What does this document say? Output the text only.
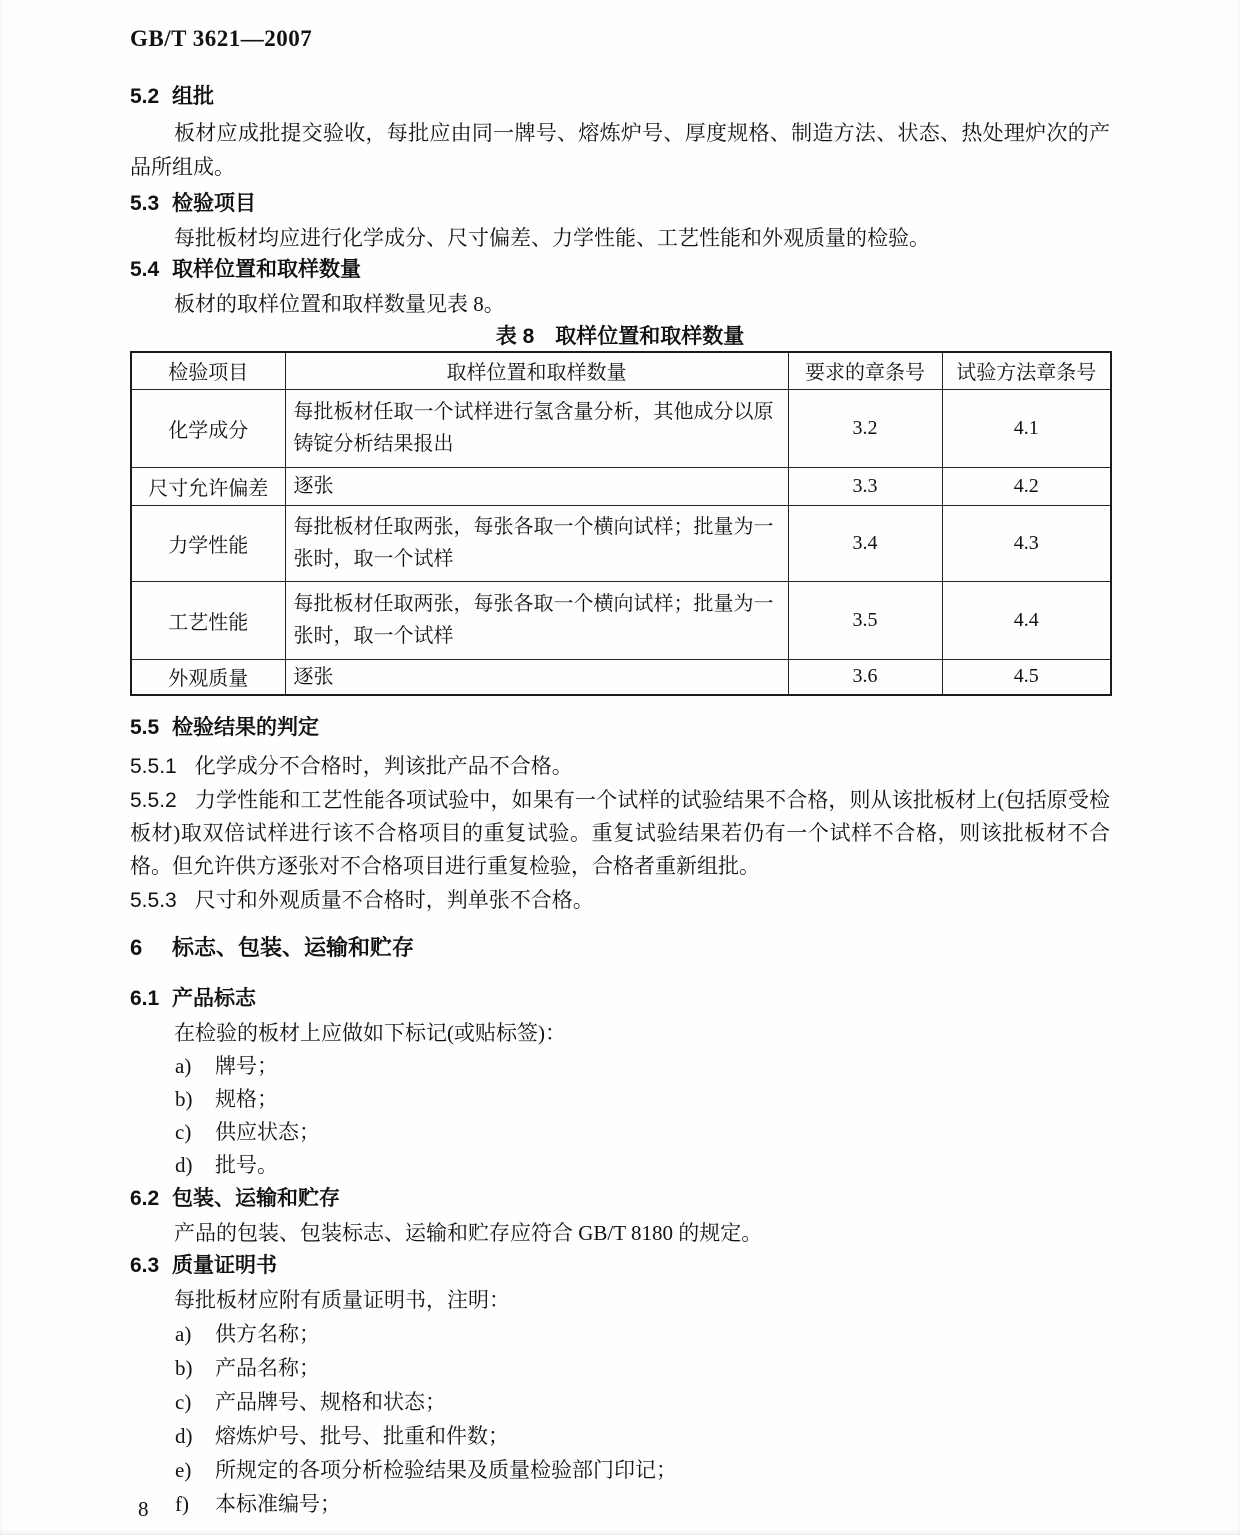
GB/T 3621—2007
5.2 组批

板材应成批提交验收，每批应由同一牌号、熔炼炉号、厚度规格、制造方法、状态、热处理炉次的产品所组成。

5.3 检验项目

每批板材均应进行化学成分、尺寸偏差、力学性能、工艺性能和外观质量的检验。

5.4 取样位置和取样数量

板材的取样位置和取样数量见表 8。

表 8　取样位置和取样数量
检验项目	取样位置和取样数量	要求的章条号	试验方法章条号
化学成分	每批板材任取一个试样进行氢含量分析，其他成分以原铸锭分析结果报出	3.2	4.1
尺寸允许偏差	逐张	3.3	4.2
力学性能	每批板材任取两张，每张各取一个横向试样；批量为一张时，取一个试样	3.4	4.3
工艺性能	每批板材任取两张，每张各取一个横向试样；批量为一张时，取一个试样	3.5	4.4
外观质量	逐张	3.6	4.5
5.5 检验结果的判定

5.5.1 化学成分不合格时，判该批产品不合格。

5.5.2 力学性能和工艺性能各项试验中，如果有一个试样的试验结果不合格，则从该批板材上(包括原受检板材)取双倍试样进行该不合格项目的重复试验。重复试验结果若仍有一个试样不合格，则该批板材不合格。但允许供方逐张对不合格项目进行重复检验，合格者重新组批。

5.5.3 尺寸和外观质量不合格时，判单张不合格。

6 标志、包装、运输和贮存
6.1 产品标志

在检验的板材上应做如下标记(或贴标签)：

a) 牌号；
b) 规格；
c) 供应状态；
d) 批号。
6.2 包装、运输和贮存

产品的包装、包装标志、运输和贮存应符合 GB/T 8180 的规定。

6.3 质量证明书

每批板材应附有质量证明书，注明：

a) 供方名称；
b) 产品名称；
c) 产品牌号、规格和状态；
d) 熔炼炉号、批号、批重和件数；
e) 所规定的各项分析检验结果及质量检验部门印记；
f) 本标准编号；
8
